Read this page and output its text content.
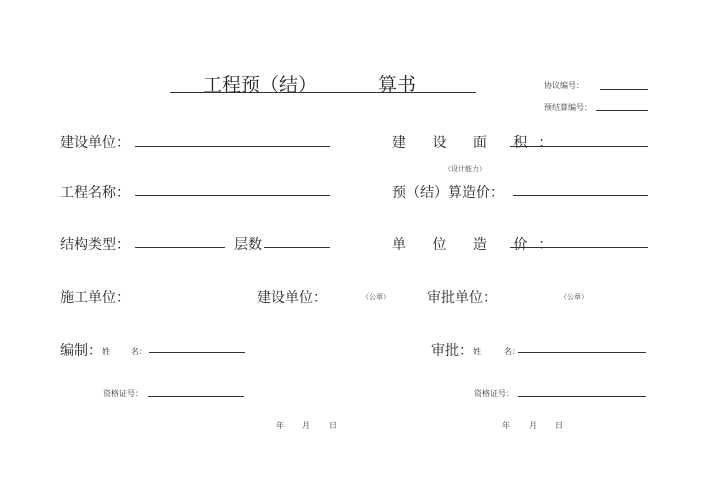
工程预（结）	算书	协议编号：
预结算编号：
建设单位：	建 设 面 积：
（设计能力）
工程名称：	预（结）算造价：
结构类型：	层数	单 位 造 价：
施工单位：	建设单位：	（公章）	审批单位：	（公章）
编制： 姓	名：	审批： 姓	名：
资格证号：	资格证号：
年 月 日	年 月 日
